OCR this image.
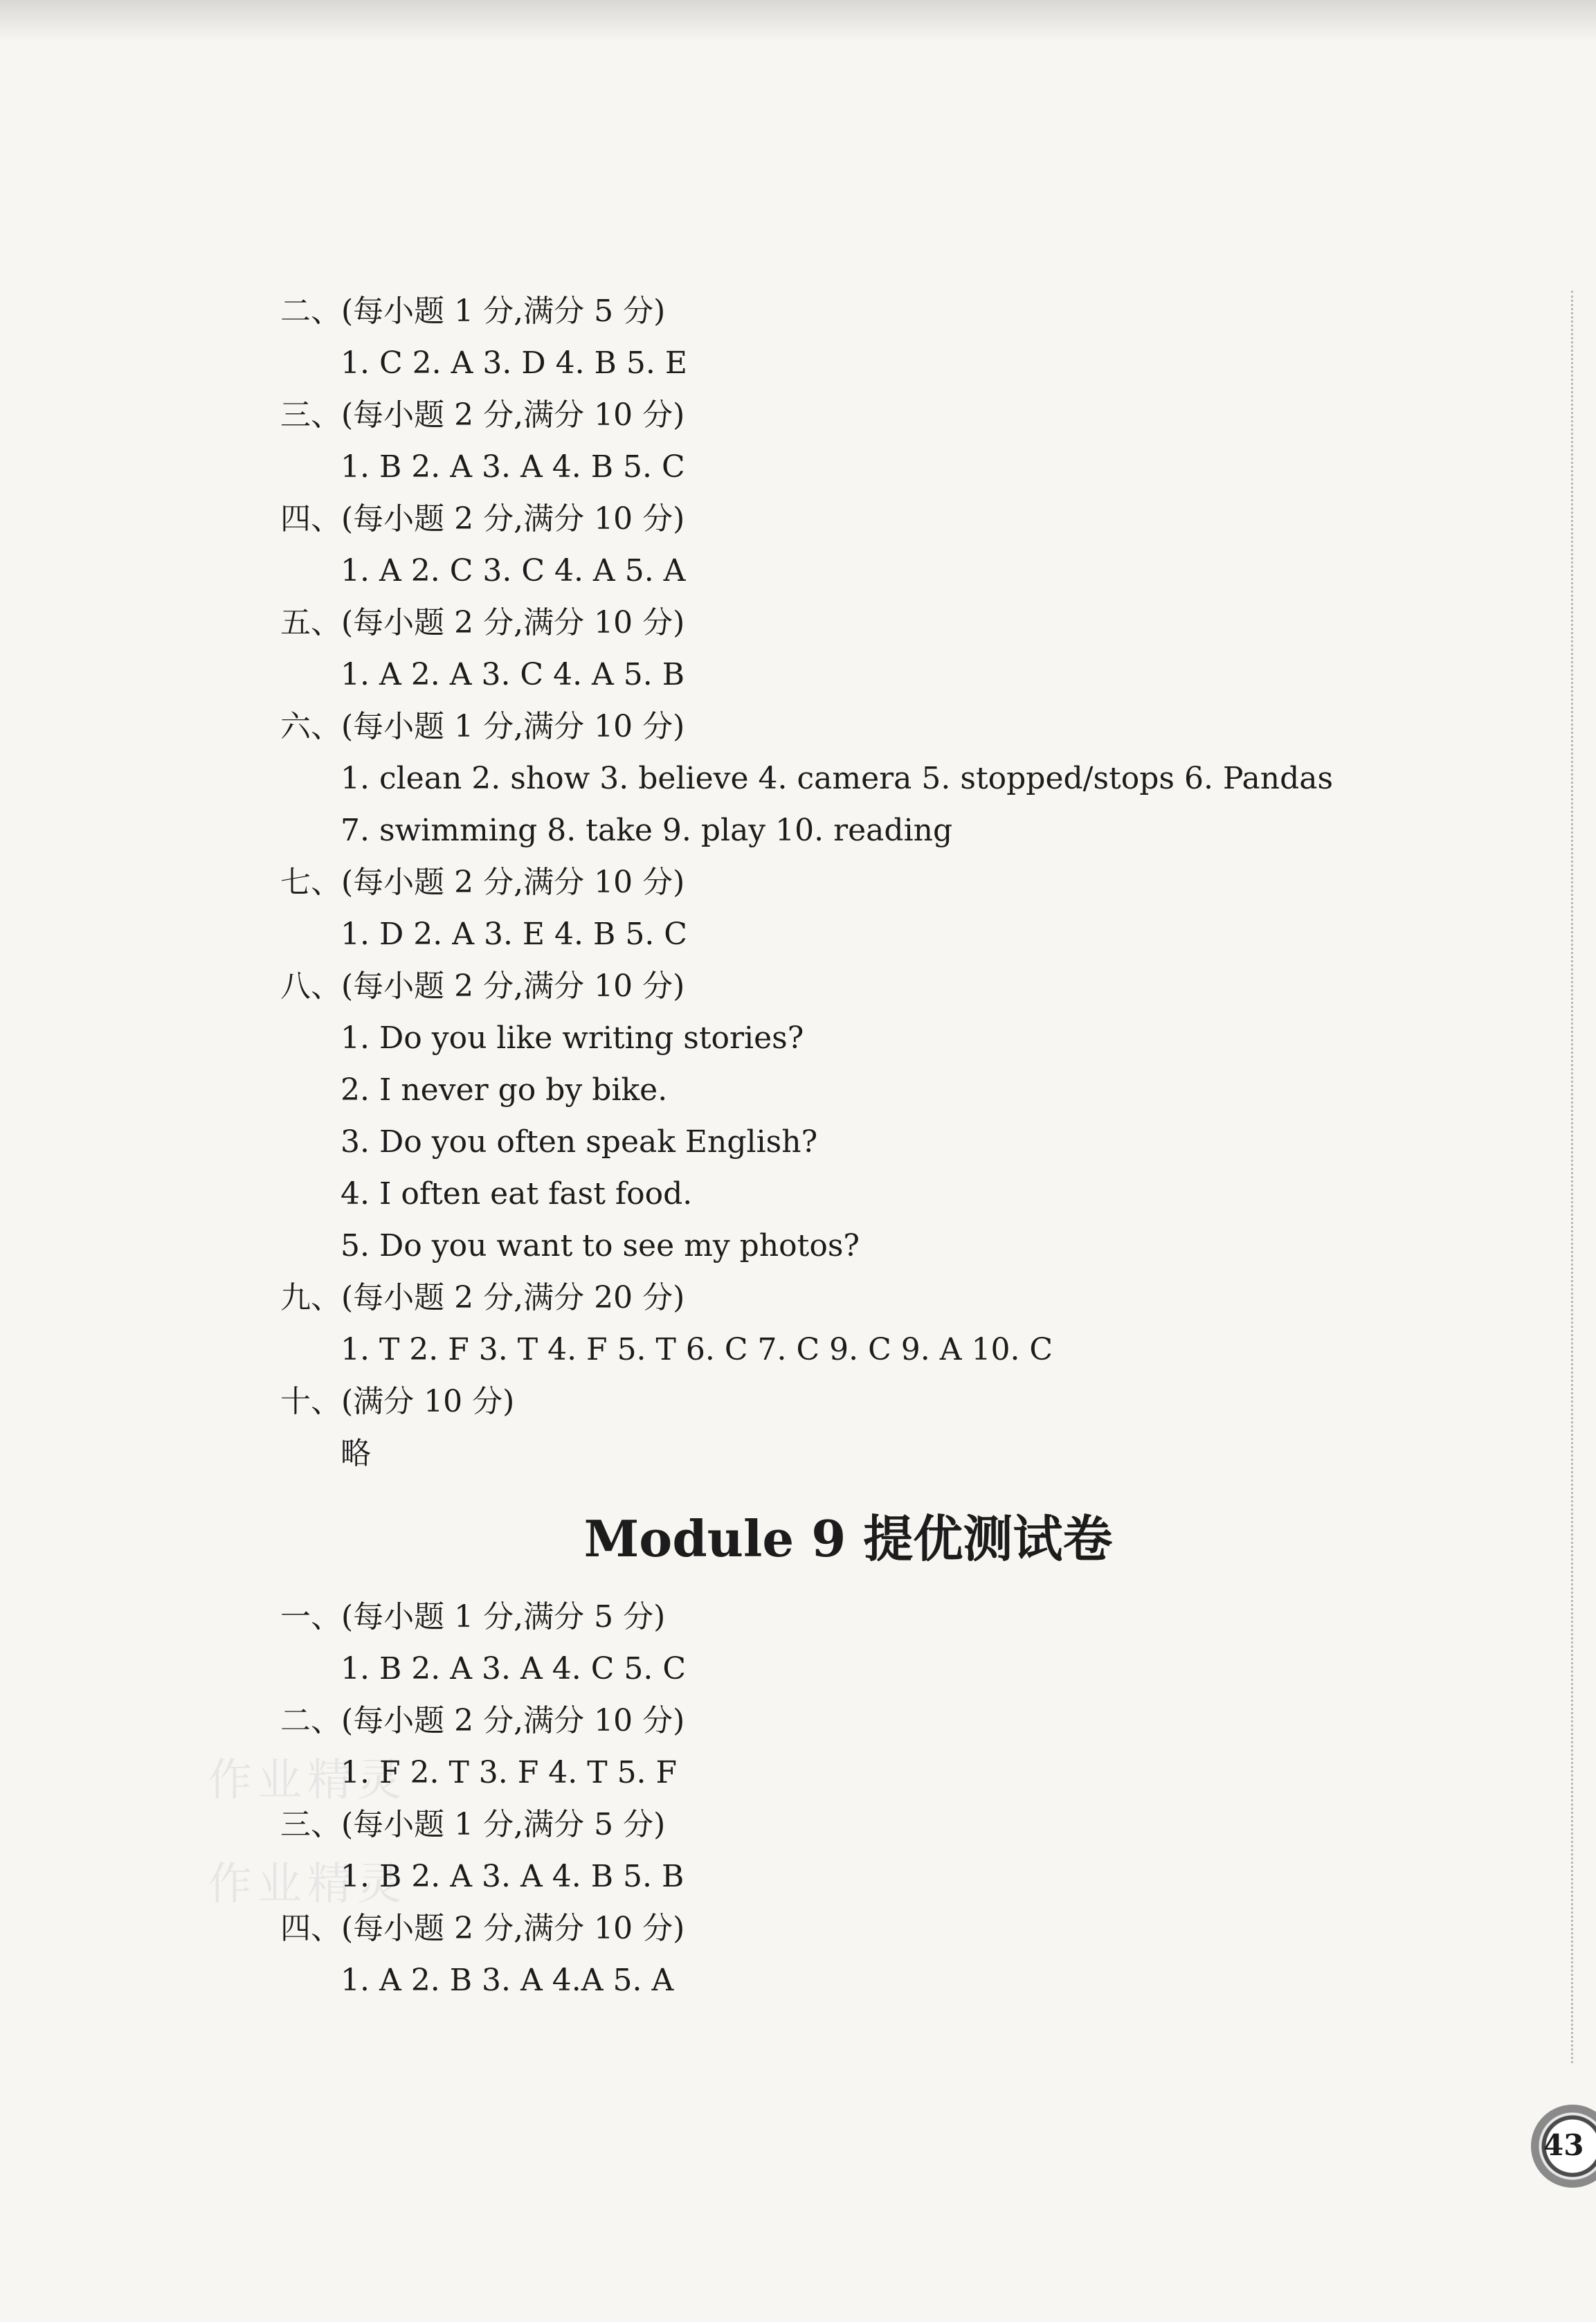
作业精灵
作业精灵
二、(每小题 1 分,满分 5 分)
1. C 2. A 3. D 4. B 5. E
三、(每小题 2 分,满分 10 分)
1. B 2. A 3. A 4. B 5. C
四、(每小题 2 分,满分 10 分)
1. A 2. C 3. C 4. A 5. A
五、(每小题 2 分,满分 10 分)
1. A 2. A 3. C 4. A 5. B
六、(每小题 1 分,满分 10 分)
1. clean 2. show 3. believe 4. camera 5. stopped/stops 6. Pandas
7. swimming 8. take 9. play 10. reading
七、(每小题 2 分,满分 10 分)
1. D 2. A 3. E 4. B 5. C
八、(每小题 2 分,满分 10 分)
1. Do you like writing stories?
2. I never go by bike.
3. Do you often speak English?
4. I often eat fast food.
5. Do you want to see my photos?
九、(每小题 2 分,满分 20 分)
1. T 2. F 3. T 4. F 5. T 6. C 7. C 9. C 9. A 10. C
十、(满分 10 分)
略
Module 9 提优测试卷
一、(每小题 1 分,满分 5 分)
1. B 2. A 3. A 4. C 5. C
二、(每小题 2 分,满分 10 分)
1. F 2. T 3. F 4. T 5. F
三、(每小题 1 分,满分 5 分)
1. B 2. A 3. A 4. B 5. B
四、(每小题 2 分,满分 10 分)
1. A 2. B 3. A 4.A 5. A
43
